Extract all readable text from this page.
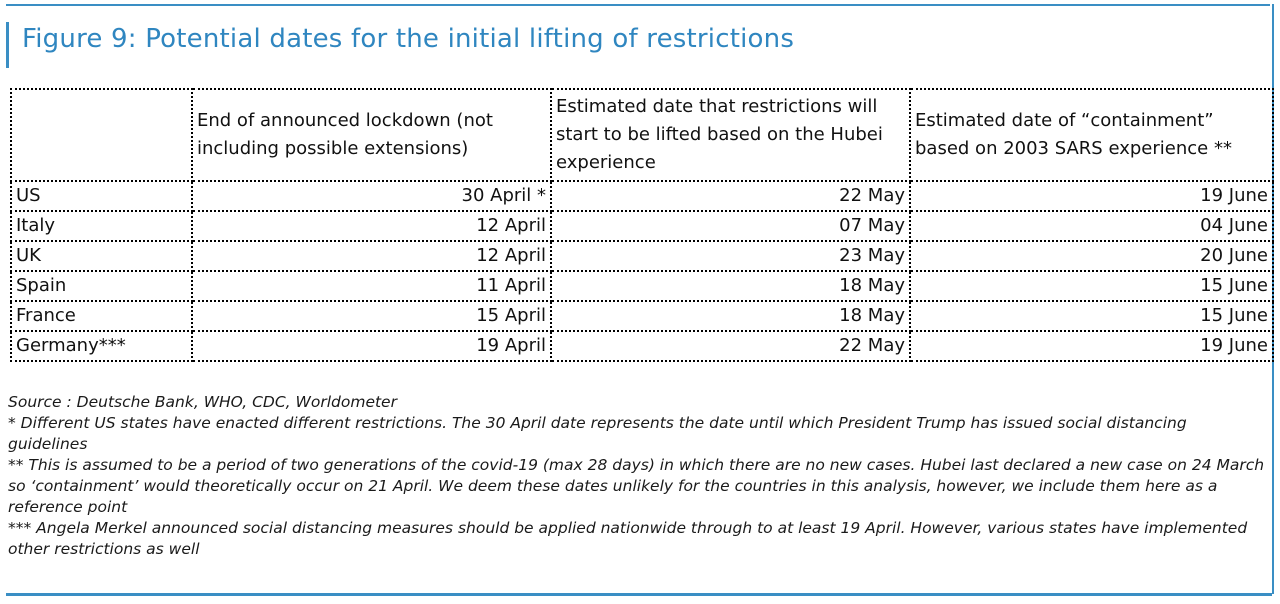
Figure 9: Potential dates for the initial lifting of restrictions
	End of announced lockdown (not including possible extensions)	Estimated date that restrictions will start to be lifted based on the Hubei experience	Estimated date of “containment” based on 2003 SARS experience **
US	30 April *	22 May	19 June
Italy	12 April	07 May	04 June
UK	12 April	23 May	20 June
Spain	11 April	18 May	15 June
France	15 April	18 May	15 June
Germany***	19 April	22 May	19 June

Source : Deutsche Bank, WHO, CDC, Worldometer

* Different US states have enacted different restrictions. The 30 April date represents the date until which President Trump has issued social distancing guidelines

** This is assumed to be a period of two generations of the covid-19 (max 28 days) in which there are no new cases. Hubei last declared a new case on 24 March so ‘containment’ would theoretically occur on 21 April. We deem these dates unlikely for the countries in this analysis, however, we include them here as a reference point

*** Angela Merkel announced social distancing measures should be applied nationwide through to at least 19 April. However, various states have implemented other restrictions as well
